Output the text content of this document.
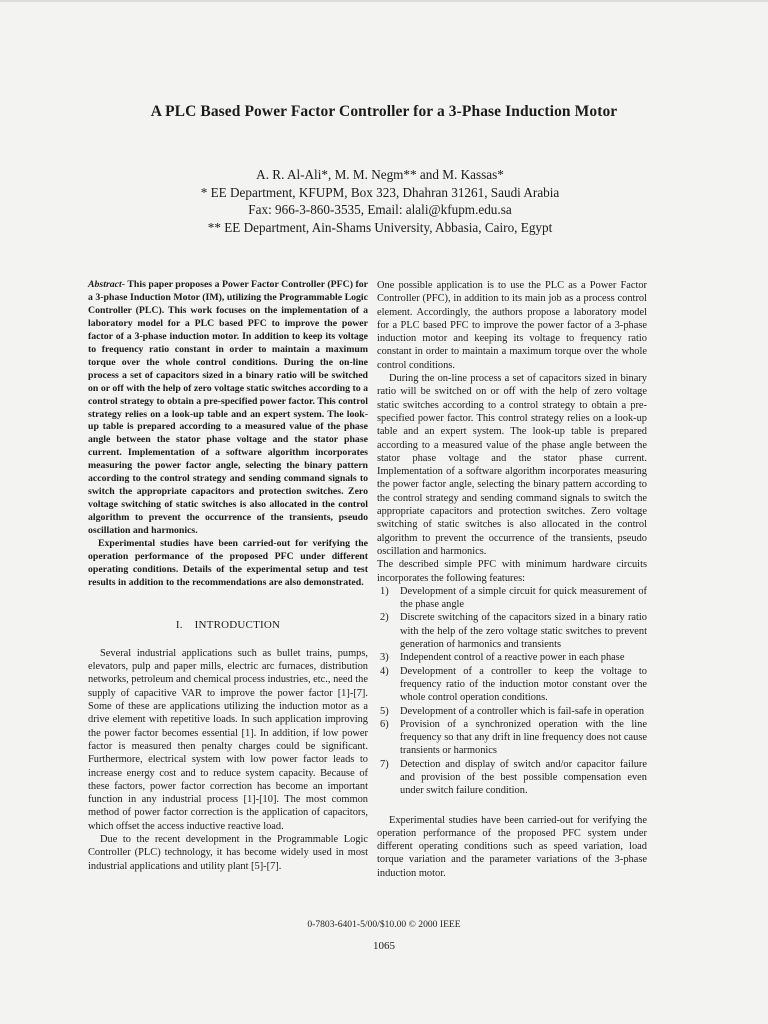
A PLC Based Power Factor Controller for a 3-Phase Induction Motor
A. R. Al-Ali*, M. M. Negm** and M. Kassas*
* EE Department, KFUPM, Box 323, Dhahran 31261, Saudi Arabia
Fax: 966-3-860-3535, Email: alali@kfupm.edu.sa
** EE Department, Ain-Shams University, Abbasia, Cairo, Egypt

Abstract- This paper proposes a Power Factor Controller (PFC) for a 3-phase Induction Motor (IM), utilizing the Programmable Logic Controller (PLC). This work focuses on the implementation of a laboratory model for a PLC based PFC to improve the power factor of a 3-phase induction motor. In addition to keep its voltage to frequency ratio constant in order to maintain a maximum torque over the whole control conditions. During the on-line process a set of capacitors sized in a binary ratio will be switched on or off with the help of zero voltage static switches according to a control strategy to obtain a pre-specified power factor. This control strategy relies on a look-up table and an expert system. The look-up table is prepared according to a measured value of the phase angle between the stator phase voltage and the stator phase current. Implementation of a software algorithm incorporates measuring the power factor angle, selecting the binary pattern according to the control strategy and sending command signals to switch the appropriate capacitors and protection switches. Zero voltage switching of static switches is also allocated in the control algorithm to prevent the occurrence of the transients, pseudo oscillation and harmonics.

Experimental studies have been carried-out for verifying the operation performance of the proposed PFC under different operating conditions. Details of the experimental setup and test results in addition to the recommendations are also demonstrated.

I. INTRODUCTION

Several industrial applications such as bullet trains, pumps, elevators, pulp and paper mills, electric arc furnaces, distribution networks, petroleum and chemical process industries, etc., need the supply of capacitive VAR to improve the power factor [1]-[7]. Some of these are applications utilizing the induction motor as a drive element with repetitive loads. In such application improving the power factor becomes essential [1]. In addition, if low power factor is measured then penalty charges could be significant. Furthermore, electrical system with low power factor leads to increase energy cost and to reduce system capacity. Because of these factors, power factor correction has become an important function in any industrial process [1]-[10]. The most common method of power factor correction is the application of capacitors, which offset the access inductive reactive load.

Due to the recent development in the Programmable Logic Controller (PLC) technology, it has become widely used in most industrial applications and utility plant [5]-[7].

One possible application is to use the PLC as a Power Factor Controller (PFC), in addition to its main job as a process control element. Accordingly, the authors propose a laboratory model for a PLC based PFC to improve the power factor of a 3-phase induction motor and keeping its voltage to frequency ratio constant in order to maintain a maximum torque over the whole control conditions.

During the on-line process a set of capacitors sized in binary ratio will be switched on or off with the help of zero voltage static switches according to a control strategy to obtain a pre-specified power factor. This control strategy relies on a look-up table and an expert system. The look-up table is prepared according to a measured value of the phase angle between the stator phase voltage and the stator phase current. Implementation of a software algorithm incorporates measuring the power factor angle, selecting the binary pattern according to the control strategy and sending command signals to switch the appropriate capacitors and protection switches. Zero voltage switching of static switches is also allocated in the control algorithm to prevent the occurrence of the transients, pseudo oscillation and harmonics.

The described simple PFC with minimum hardware circuits incorporates the following features:

1) Development of a simple circuit for quick measurement of the phase angle
2) Discrete switching of the capacitors sized in a binary ratio with the help of the zero voltage static switches to prevent generation of harmonics and transients
3) Independent control of a reactive power in each phase
4) Development of a controller to keep the voltage to frequency ratio of the induction motor constant over the whole control operation conditions.
5) Development of a controller which is fail-safe in operation
6) Provision of a synchronized operation with the line frequency so that any drift in line frequency does not cause transients or harmonics
7) Detection and display of switch and/or capacitor failure and provision of the best possible compensation even under switch failure condition.

Experimental studies have been carried-out for verifying the operation performance of the proposed PFC system under different operating conditions such as speed variation, load torque variation and the parameter variations of the 3-phase induction motor.

0-7803-6401-5/00/$10.00 © 2000 IEEE
1065
